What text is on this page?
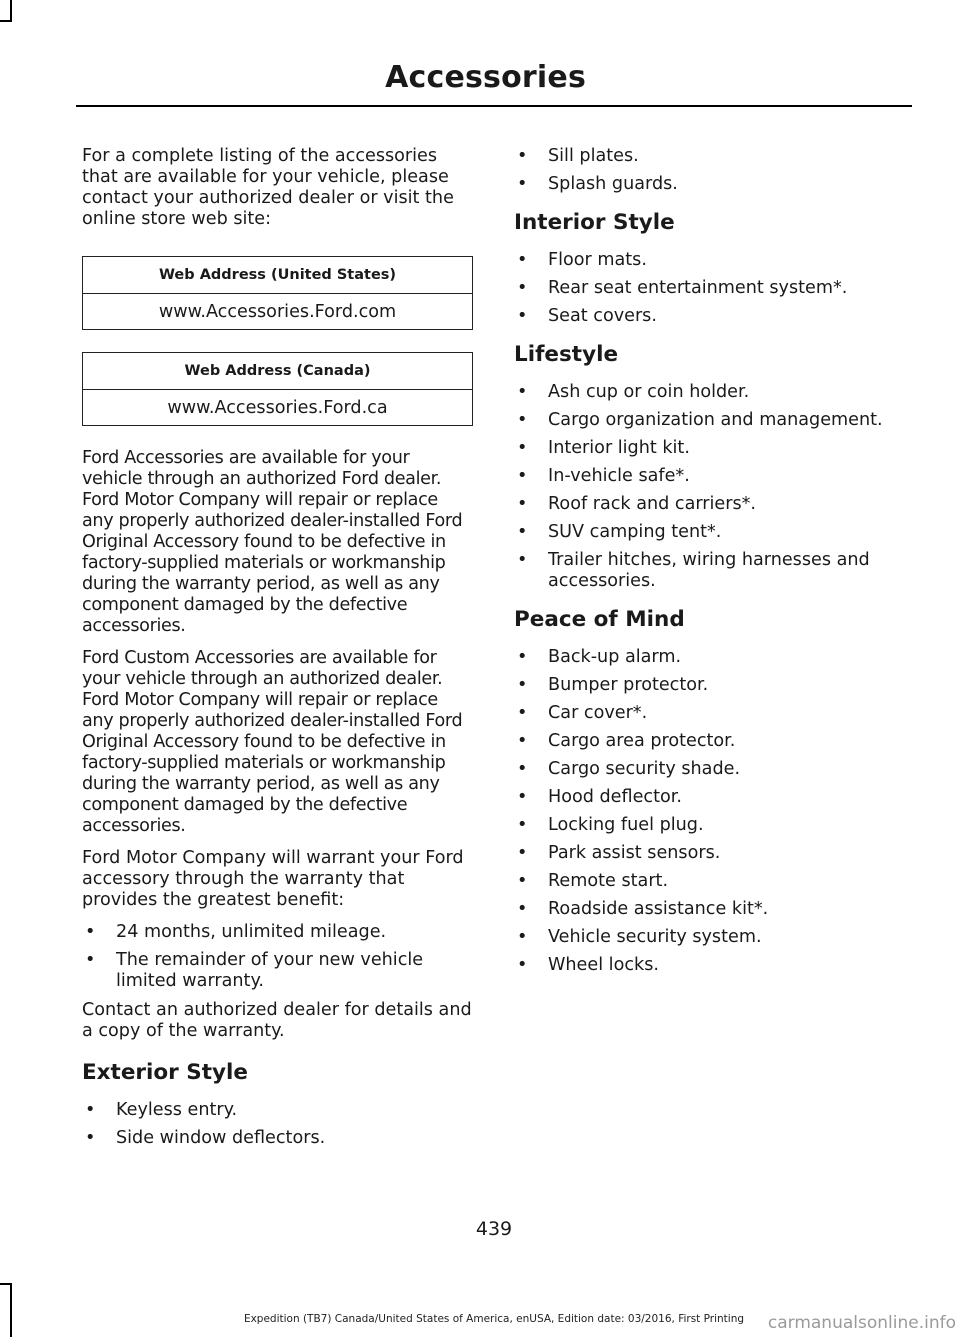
Accessories

For a complete listing of the accessories that are available for your vehicle, please contact your authorized dealer or visit the online store web site:

Web Address (United States)
www.Accessories.Ford.com
Web Address (Canada)
www.Accessories.Ford.ca

Ford Accessories are available for your vehicle through an authorized Ford dealer. Ford Motor Company will repair or replace any properly authorized dealer-installed Ford Original Accessory found to be defective in factory-supplied materials or workmanship during the warranty period, as well as any component damaged by the defective accessories.

Ford Custom Accessories are available for your vehicle through an authorized dealer. Ford Motor Company will repair or replace any properly authorized dealer-installed Ford Original Accessory found to be defective in factory-supplied materials or workmanship during the warranty period, as well as any component damaged by the defective accessories.

Ford Motor Company will warrant your Ford accessory through the warranty that provides the greatest benefit:

• 24 months, unlimited mileage.
• The remainder of your new vehicle limited warranty.

Contact an authorized dealer for details and a copy of the warranty.

Exterior Style
• Keyless entry.
• Side window deflectors.
• Sill plates.
• Splash guards.
Interior Style
• Floor mats.
• Rear seat entertainment system*.
• Seat covers.
Lifestyle
• Ash cup or coin holder.
• Cargo organization and management.
• Interior light kit.
• In-vehicle safe*.
• Roof rack and carriers*.
• SUV camping tent*.
• Trailer hitches, wiring harnesses and accessories.
Peace of Mind
• Back-up alarm.
• Bumper protector.
• Car cover*.
• Cargo area protector.
• Cargo security shade.
• Hood deflector.
• Locking fuel plug.
• Park assist sensors.
• Remote start.
• Roadside assistance kit*.
• Vehicle security system.
• Wheel locks.
439
Expedition (TB7) Canada/United States of America, enUSA, Edition date: 03/2016, First Printing	carmanualsonline.info
